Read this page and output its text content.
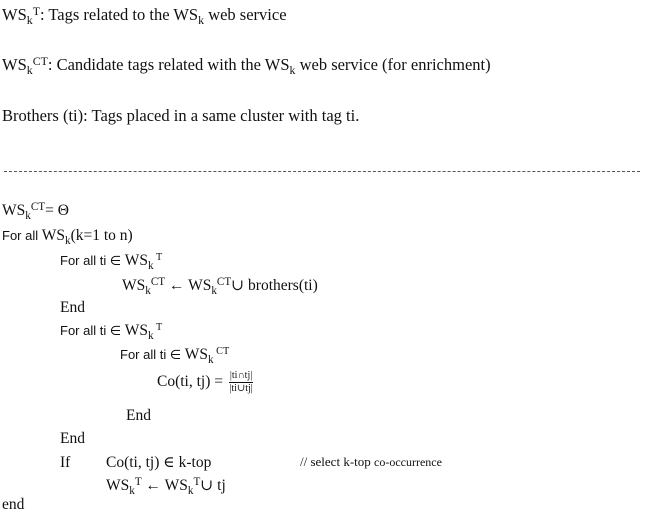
$WS_k^T$: Tags related to the $WS_k$ web service
$WS_k^{CT}$: Candidate tags related with the $WS_k$ web service (for enrichment)
Brothers (ti): Tags placed in a same cluster with tag ti.
$WS_k^{CT}= \Theta$
For all $WS_k(k=1$ to n)
For all ti ∈ $WS_k$ $^T$
$WS_k^{CT}$ ← $WS_k^{CT}\cup$ brothers(ti)
End
For all ti ∈ $WS_k$ $^T$
For all ti ∈ $WS_k$ $^{CT}$
Co(ti, $tj) = \frac{|ti\cap tj|}{|ti\cup tj|}$
End
End
If Co(ti, tj) ∈ k-top	// select k-top co-occurrence
$WS_k^T$ ← $WS_k^T\cup$ tj
end
